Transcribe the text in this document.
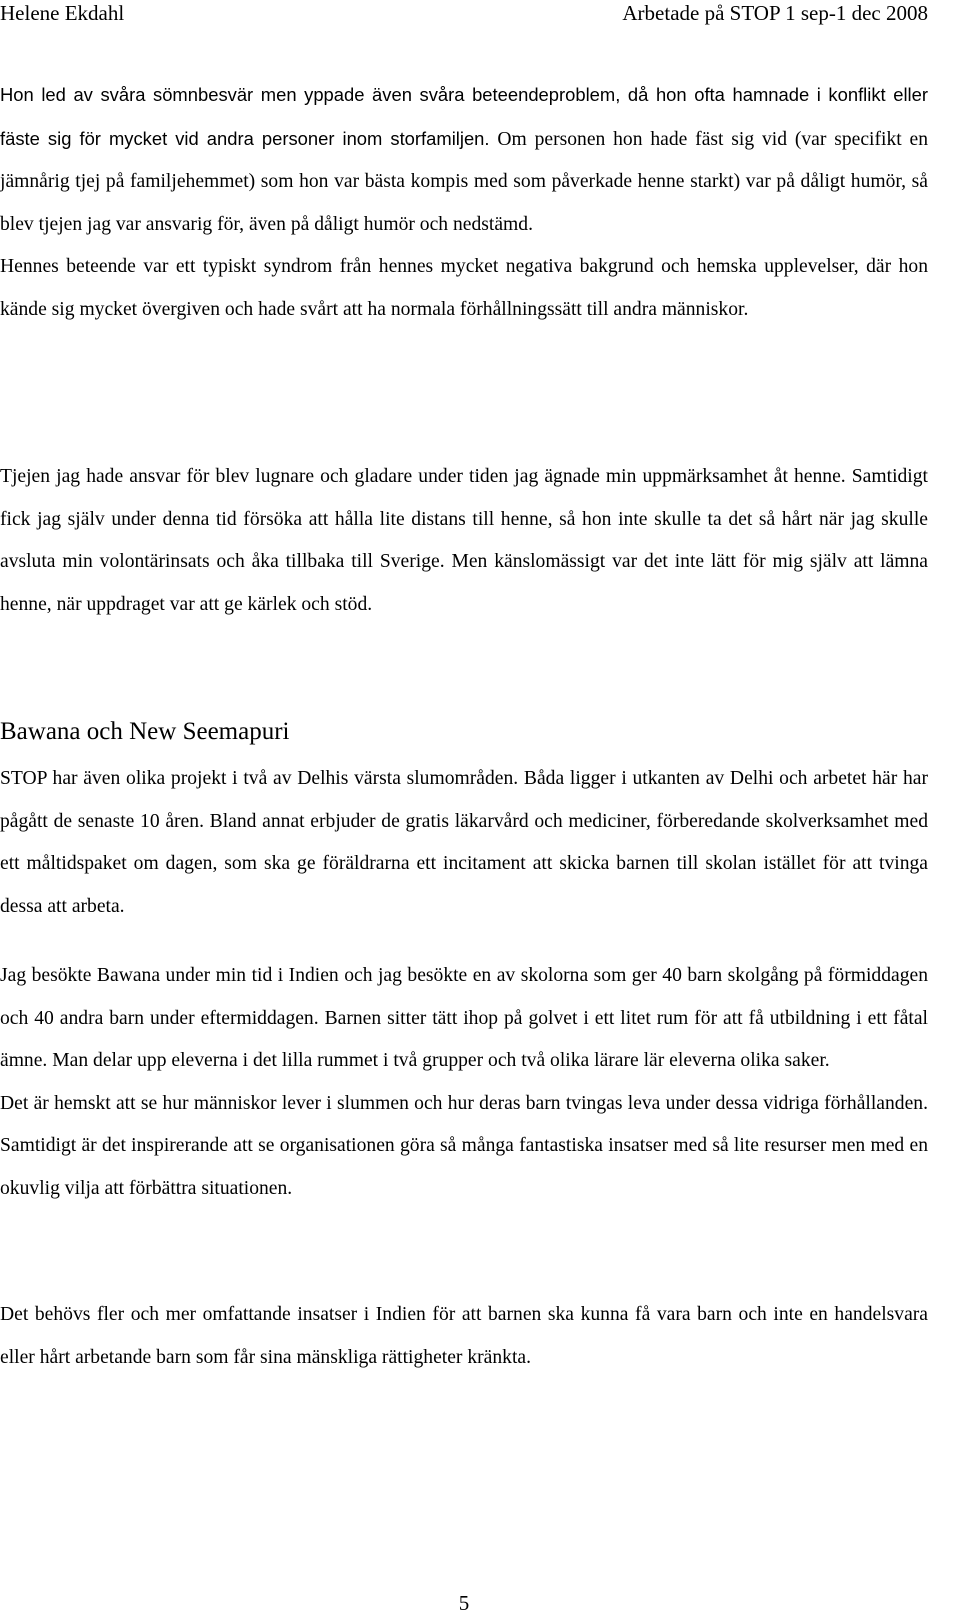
Helene Ekdahl	Arbetade på STOP 1 sep-1 dec 2008

Hon led av svåra sömnbesvär men yppade även svåra beteendeproblem, då hon ofta hamnade i konflikt eller fäste sig för mycket vid andra personer inom storfamiljen. Om personen hon hade fäst sig vid (var specifikt en jämnårig tjej på familjehemmet) som hon var bästa kompis med som påverkade henne starkt) var på dåligt humör, så blev tjejen jag var ansvarig för, även på dåligt humör och nedstämd.

Hennes beteende var ett typiskt syndrom från hennes mycket negativa bakgrund och hemska upplevelser, där hon kände sig mycket övergiven och hade svårt att ha normala förhållningssätt till andra människor.

Tjejen jag hade ansvar för blev lugnare och gladare under tiden jag ägnade min uppmärksamhet åt henne. Samtidigt fick jag själv under denna tid försöka att hålla lite distans till henne, så hon inte skulle ta det så hårt när jag skulle avsluta min volontärinsats och åka tillbaka till Sverige. Men känslomässigt var det inte lätt för mig själv att lämna henne, när uppdraget var att ge kärlek och stöd.

Bawana och New Seemapuri

STOP har även olika projekt i två av Delhis värsta slumområden. Båda ligger i utkanten av Delhi och arbetet här har pågått de senaste 10 åren. Bland annat erbjuder de gratis läkarvård och mediciner, förberedande skolverksamhet med ett måltidspaket om dagen, som ska ge föräldrarna ett incitament att skicka barnen till skolan istället för att tvinga dessa att arbeta.

Jag besökte Bawana under min tid i Indien och jag besökte en av skolorna som ger 40 barn skolgång på förmiddagen och 40 andra barn under eftermiddagen. Barnen sitter tätt ihop på golvet i ett litet rum för att få utbildning i ett fåtal ämne. Man delar upp eleverna i det lilla rummet i två grupper och två olika lärare lär eleverna olika saker.

Det är hemskt att se hur människor lever i slummen och hur deras barn tvingas leva under dessa vidriga förhållanden. Samtidigt är det inspirerande att se organisationen göra så många fantastiska insatser med så lite resurser men med en okuvlig vilja att förbättra situationen.

Det behövs fler och mer omfattande insatser i Indien för att barnen ska kunna få vara barn och inte en handelsvara eller hårt arbetande barn som får sina mänskliga rättigheter kränkta.

5
